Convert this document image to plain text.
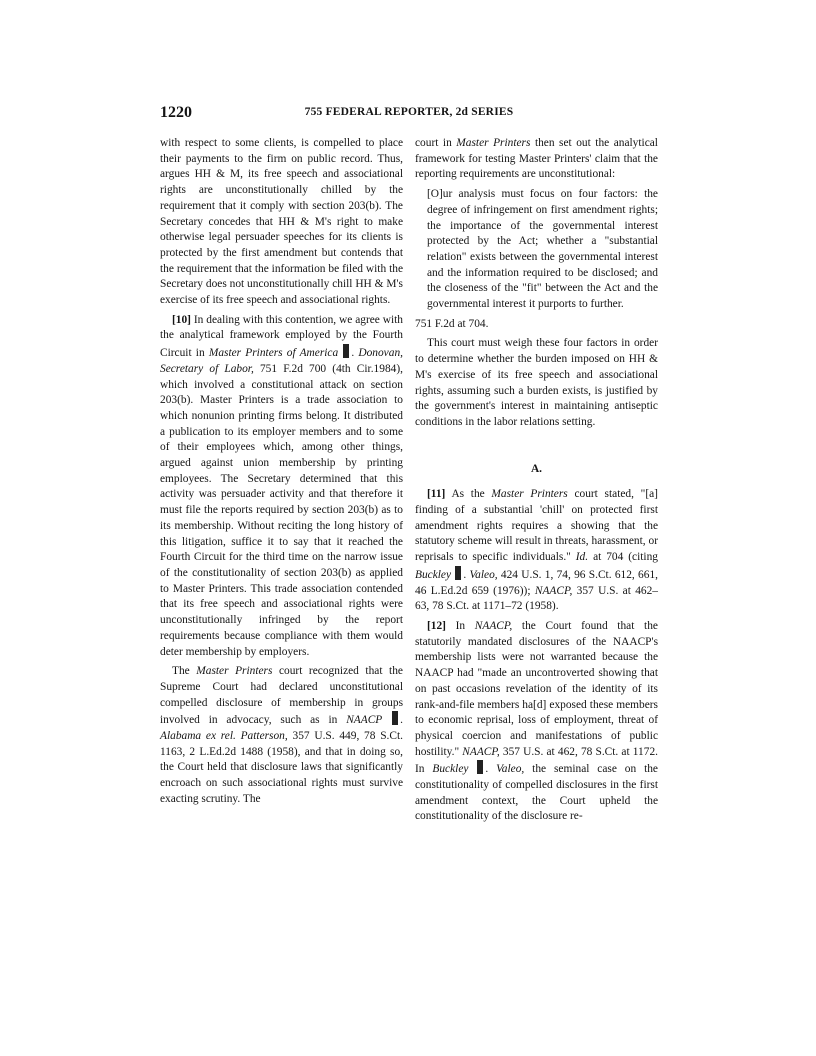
1220	755 FEDERAL REPORTER, 2d SERIES

with respect to some clients, is compelled to place their payments to the firm on public record. Thus, argues HH & M, its free speech and associational rights are unconstitutionally chilled by the requirement that it comply with section 203(b). The Secretary concedes that HH & M's right to make otherwise legal persuader speeches for its clients is protected by the first amendment but contends that the requirement that the information be filed with the Secretary does not unconstitutionally chill HH & M's exercise of its free speech and associational rights.

[10] In dealing with this contention, we agree with the analytical framework employed by the Fourth Circuit in Master Printers of America . Donovan, Secretary of Labor, 751 F.2d 700 (4th Cir.1984), which involved a constitutional attack on section 203(b). Master Printers is a trade association to which nonunion printing firms belong. It distributed a publication to its employer members and to some of their employees which, among other things, argued against union membership by printing employees. The Secretary determined that this activity was persuader activity and that therefore it must file the reports required by section 203(b) as to its membership. Without reciting the long history of this litigation, suffice it to say that it reached the Fourth Circuit for the third time on the narrow issue of the constitutionality of section 203(b) as applied to Master Printers. This trade association contended that its free speech and associational rights were unconstitutionally infringed by the report requirements because compliance with them would deter membership by employers.

The Master Printers court recognized that the Supreme Court had declared unconstitutional compelled disclosure of membership in groups involved in advocacy, such as in NAACP . Alabama ex rel. Patterson, 357 U.S. 449, 78 S.Ct. 1163, 2 L.Ed.2d 1488 (1958), and that in doing so, the Court held that disclosure laws that significantly encroach on such associational rights must survive exacting scrutiny. The

court in Master Printers then set out the analytical framework for testing Master Printers' claim that the reporting requirements are unconstitutional:

[O]ur analysis must focus on four factors: the degree of infringement on first amendment rights; the importance of the governmental interest protected by the Act; whether a "substantial relation" exists between the governmental interest and the information required to be disclosed; and the closeness of the "fit" between the Act and the governmental interest it purports to further.

751 F.2d at 704.

This court must weigh these four factors in order to determine whether the burden imposed on HH & M's exercise of its free speech and associational rights, assuming such a burden exists, is justified by the government's interest in maintaining antiseptic conditions in the labor relations setting.

A.

[11] As the Master Printers court stated, "[a] finding of a substantial 'chill' on protected first amendment rights requires a showing that the statutory scheme will result in threats, harassment, or reprisals to specific individuals." Id. at 704 (citing Buckley . Valeo, 424 U.S. 1, 74, 96 S.Ct. 612, 661, 46 L.Ed.2d 659 (1976)); NAACP, 357 U.S. at 462–63, 78 S.Ct. at 1171–72 (1958).

[12] In NAACP, the Court found that the statutorily mandated disclosures of the NAACP's membership lists were not warranted because the NAACP had "made an uncontroverted showing that on past occasions revelation of the identity of its rank-and-file members ha[d] exposed these members to economic reprisal, loss of employment, threat of physical coercion and manifestations of public hostility." NAACP, 357 U.S. at 462, 78 S.Ct. at 1172. In Buckley . Valeo, the seminal case on the constitutionality of compelled disclosures in the first amendment context, the Court upheld the constitutionality of the disclosure re-
